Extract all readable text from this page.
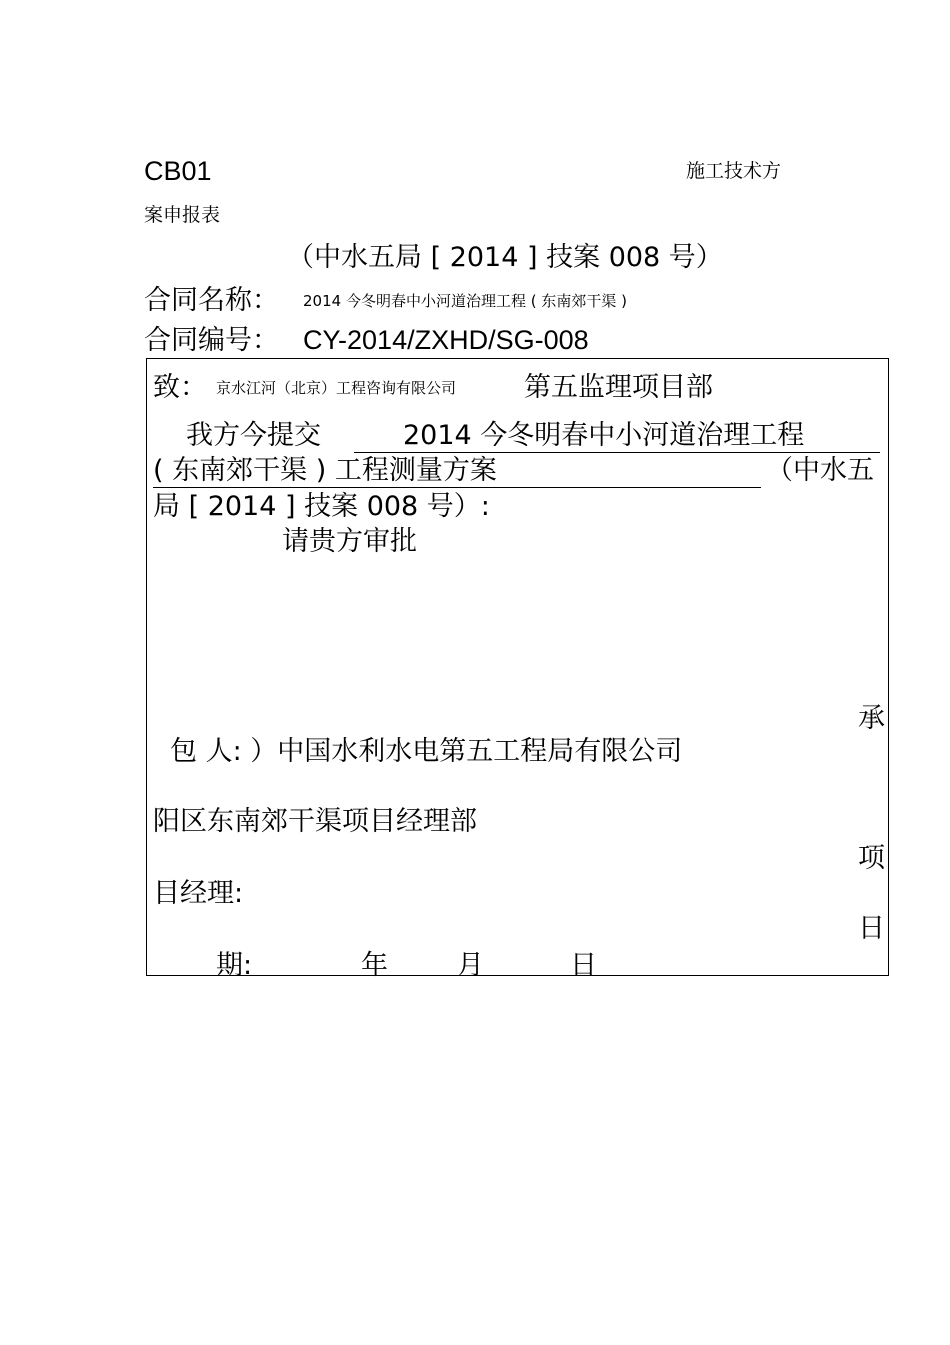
CB01	施工技术方
案申报表
（中水五局 [ 2014 ] 技案 008 号）
合同名称： 2014 今冬明春中小河道治理工程 ( 东南郊干渠 )
合同编号： CY-2014/ZXHD/SG-008
致： 京水江河（北京）工程咨询有限公司	第五监理项目部
我方今提交	2014 今冬明春中小河道治理工程
( 东南郊干渠 ) 工程测量方案	（中水五
局 [ 2014 ] 技案 008 号）:
请贵方审批
承
包 人: ）中国水利水电第五工程局有限公司
阳区东南郊干渠项目经理部
项
目经理:
日
期:	年	月	日
